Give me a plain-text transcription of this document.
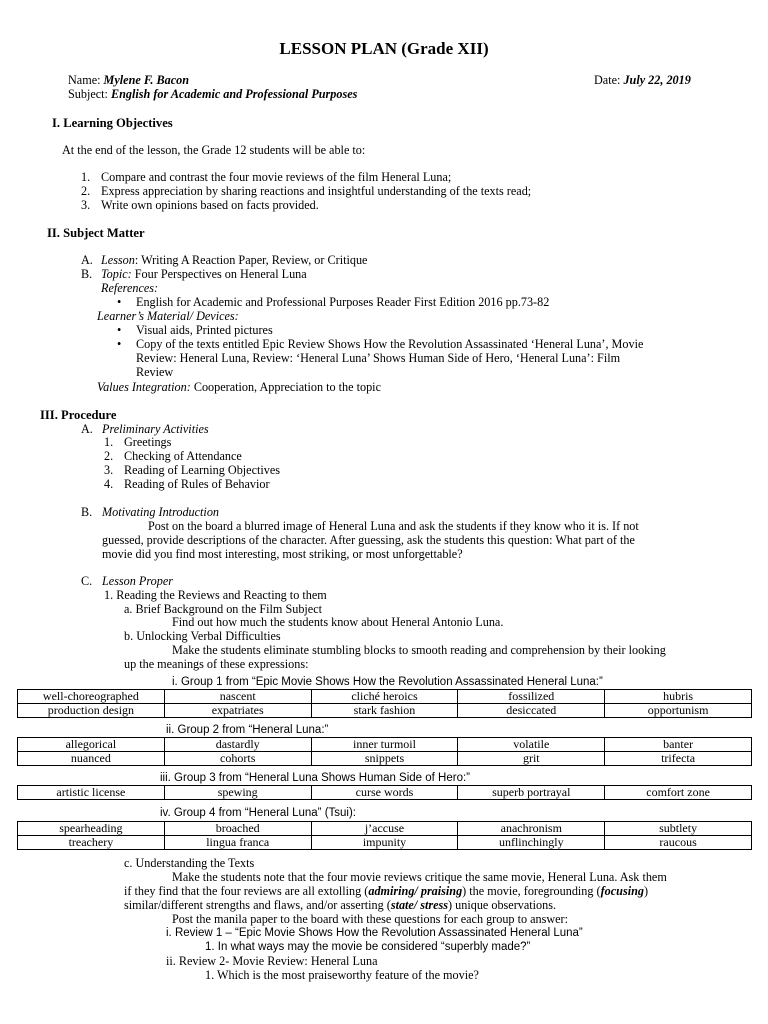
LESSON PLAN (Grade XII)
Name: Mylene F. Bacon	Date: July 22, 2019
Subject: English for Academic and Professional Purposes
I. Learning Objectives
At the end of the lesson, the Grade 12 students will be able to:
1. Compare and contrast the four movie reviews of the film Heneral Luna;
2. Express appreciation by sharing reactions and insightful understanding of the texts read;
3. Write own opinions based on facts provided.
II. Subject Matter
A. Lesson: Writing A Reaction Paper, Review, or Critique
B. Topic: Four Perspectives on Heneral Luna
References:
• English for Academic and Professional Purposes Reader First Edition 2016 pp.73-82
Learner’s Material/ Devices:
• Visual aids, Printed pictures
• Copy of the texts entitled Epic Review Shows How the Revolution Assassinated ‘Heneral Luna’, Movie
Review: Heneral Luna, Review: ‘Heneral Luna’ Shows Human Side of Hero, ‘Heneral Luna’: Film
Review
Values Integration: Cooperation, Appreciation to the topic
III. Procedure
A. Preliminary Activities
1. Greetings
2. Checking of Attendance
3. Reading of Learning Objectives
4. Reading of Rules of Behavior
B. Motivating Introduction
Post on the board a blurred image of Heneral Luna and ask the students if they know who it is. If not
guessed, provide descriptions of the character. After guessing, ask the students this question: What part of the
movie did you find most interesting, most striking, or most unforgettable?
C. Lesson Proper
1. Reading the Reviews and Reacting to them
a. Brief Background on the Film Subject
Find out how much the students know about Heneral Antonio Luna.
b. Unlocking Verbal Difficulties
Make the students eliminate stumbling blocks to smooth reading and comprehension by their looking
up the meanings of these expressions:
i. Group 1 from “Epic Movie Shows How the Revolution Assassinated Heneral Luna:”
well-choreographed	nascent	cliché heroics	fossilized	hubris
production design	expatriates	stark fashion	desiccated	opportunism
ii. Group 2 from “Heneral Luna:”
allegorical	dastardly	inner turmoil	volatile	banter
nuanced	cohorts	snippets	grit	trifecta
iii. Group 3 from “Heneral Luna Shows Human Side of Hero:”
artistic license	spewing	curse words	superb portrayal	comfort zone
iv. Group 4 from “Heneral Luna” (Tsui):
spearheading	broached	j’accuse	anachronism	subtlety
treachery	lingua franca	impunity	unflinchingly	raucous
c. Understanding the Texts
Make the students note that the four movie reviews critique the same movie, Heneral Luna. Ask them
if they find that the four reviews are all extolling (admiring/ praising) the movie, foregrounding (focusing)
similar/different strengths and flaws, and/or asserting (state/ stress) unique observations.
Post the manila paper to the board with these questions for each group to answer:
i. Review 1 – “Epic Movie Shows How the Revolution Assassinated Heneral Luna”
1. In what ways may the movie be considered “superbly made?”
ii. Review 2- Movie Review: Heneral Luna
1. Which is the most praiseworthy feature of the movie?
